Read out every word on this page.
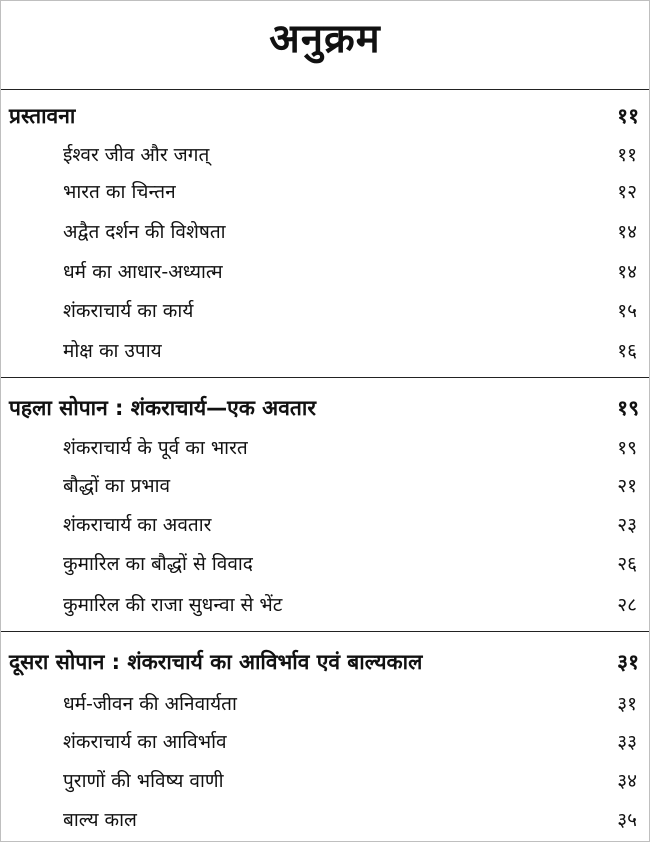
अनुक्रम
प्रस्तावना	११
ईश्वर जीव और जगत्	११
भारत का चिन्तन	१२
अद्वैत दर्शन की विशेषता	१४
धर्म का आधार-अध्यात्म	१४
शंकराचार्य का कार्य	१५
मोक्ष का उपाय	१६
पहला सोपान : शंकराचार्य—एक अवतार	१९
शंकराचार्य के पूर्व का भारत	१९
बौद्धों का प्रभाव	२१
शंकराचार्य का अवतार	२३
कुमारिल का बौद्धों से विवाद	२६
कुमारिल की राजा सुधन्वा से भेंट	२८
दूसरा सोपान : शंकराचार्य का आविर्भाव एवं बाल्यकाल	३१
धर्म-जीवन की अनिवार्यता	३१
शंकराचार्य का आविर्भाव	३३
पुराणों की भविष्य वाणी	३४
बाल्य काल	३५
